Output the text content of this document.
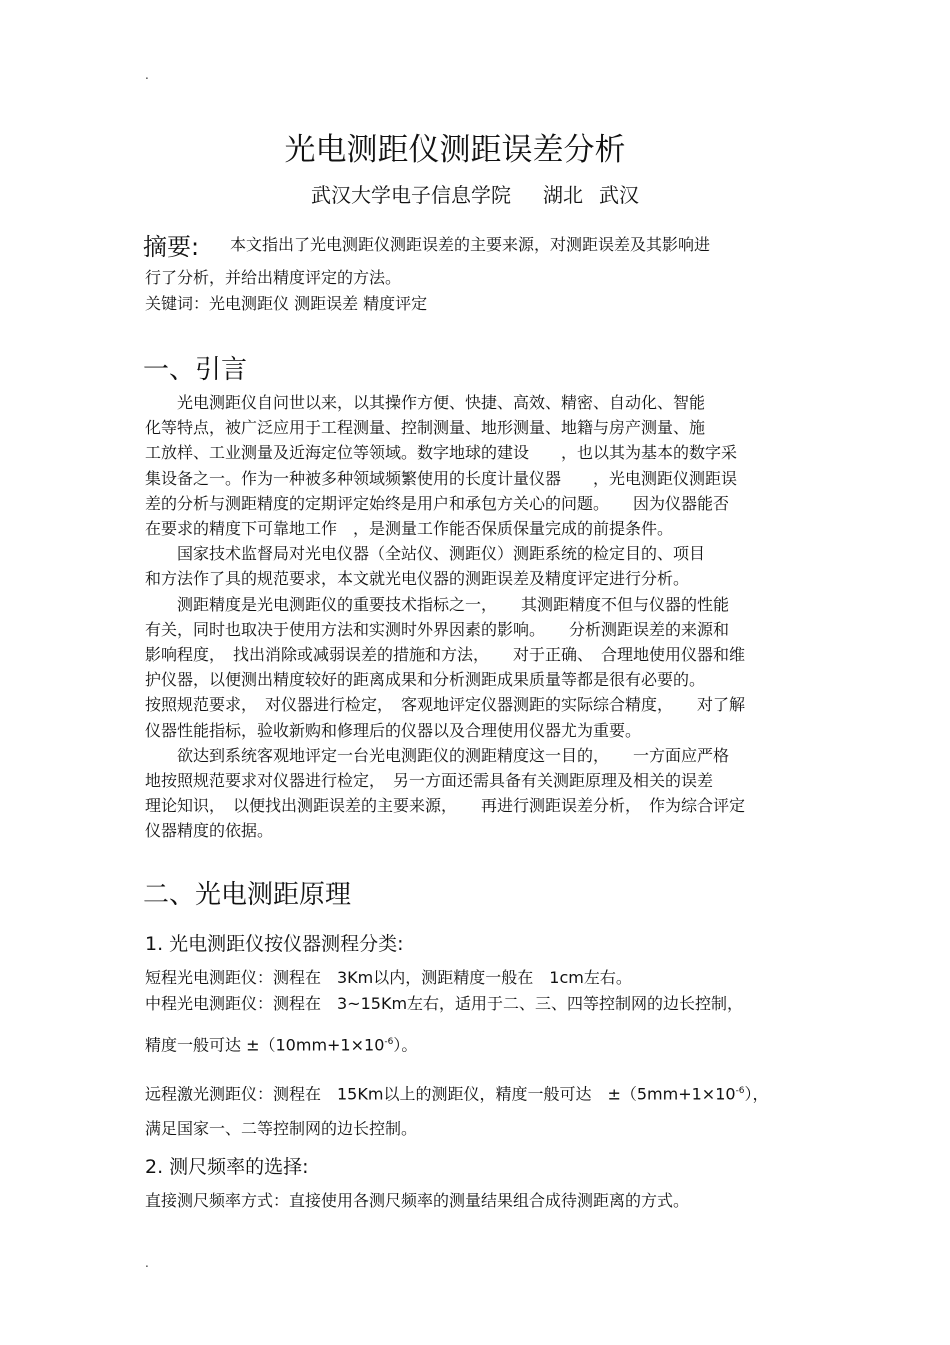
.
光电测距仪测距误差分析
武汉大学电子信息学院 湖北 武汉
摘要: 本文指出了光电测距仪测距误差的主要来源，对测距误差及其影响进
行了分析，并给出精度评定的方法。
关键词：光电测距仪 测距误差 精度评定
一、引言
　　光电测距仪自问世以来，以其操作方便、快捷、高效、精密、自动化、智能
化等特点，被广泛应用于工程测量、控制测量、地形测量、地籍与房产测量、施
工放样、工业测量及近海定位等领域。数字地球的建设　　，也以其为基本的数字采
集设备之一。作为一种被多种领域频繁使用的长度计量仪器　　，光电测距仪测距误
差的分析与测距精度的定期评定始终是用户和承包方关心的问题。　　因为仪器能否
在要求的精度下可靠地工作　，是测量工作能否保质保量完成的前提条件。
　　国家技术监督局对光电仪器（全站仪、测距仪）测距系统的检定目的、项目
和方法作了具的规范要求，本文就光电仪器的测距误差及精度评定进行分析。
　　测距精度是光电测距仪的重要技术指标之一，　　其测距精度不但与仪器的性能
有关，同时也取决于使用方法和实测时外界因素的影响。　　分析测距误差的来源和
影响程度，　找出消除或减弱误差的措施和方法，　　对于正确、　合理地使用仪器和维
护仪器，以便测出精度较好的距离成果和分析测距成果质量等都是很有必要的。
按照规范要求，　对仪器进行检定，　客观地评定仪器测距的实际综合精度，　　对了解
仪器性能指标，验收新购和修理后的仪器以及合理使用仪器尤为重要。
　　欲达到系统客观地评定一台光电测距仪的测距精度这一目的，　　一方面应严格
地按照规范要求对仪器进行检定，　另一方面还需具备有关测距原理及相关的误差
理论知识，　以便找出测距误差的主要来源，　　再进行测距误差分析，　作为综合评定
仪器精度的依据。
二、光电测距原理
1. 光电测距仪按仪器测程分类:
短程光电测距仪：测程在　3Km以内，测距精度一般在　1cm左右。
中程光电测距仪：测程在　3~15Km左右，适用于二、三、四等控制网的边长控制，
精度一般可达 $\pm(10mm+1\times 10^{-6})$。
远程激光测距仪：测程在　15Km以上的测距仪，精度一般可达　$\pm(5mm+1\times 10^{-6})$，
满足国家一、二等控制网的边长控制。
2. 测尺频率的选择:
直接测尺频率方式：直接使用各测尺频率的测量结果组合成待测距离的方式。
.
